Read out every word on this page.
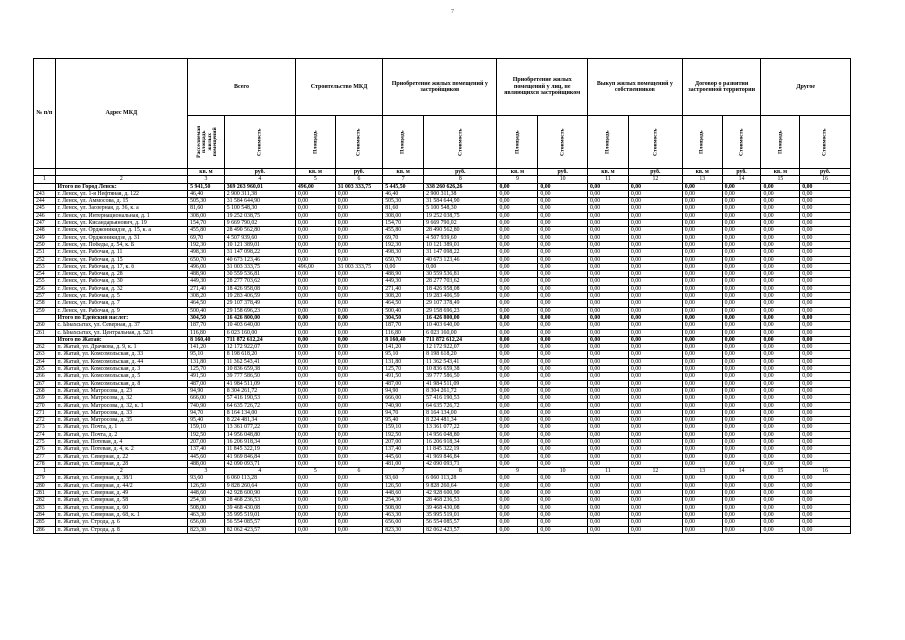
7
№ п/п	Адрес МКД	Всего		Строительство МКД		Приобретение жилых помещений у застройщиков		Приобретение жилых помещений у лиц, не являющихся застройщиком		Выкуп жилых помещений у собственников		Договор о развитии застроенной территории		Другое	
		Расселяемая площадь жилых помещений	Стоимость	Площадь	Стоимость	Площадь	Стоимость	Площадь	Стоимость	Площадь	Стоимость	Площадь	Стоимость	Площадь	Стоимость
		кв. м	руб.	кв. м	руб.	кв. м	руб.	кв. м	руб.	кв. м	руб.	кв. м	руб.	кв. м	руб.
1	2	3	4	5	6	7	8	9	10	11	12	13	14	15	16
	Итого по Город Ленск:	5 941,50	369 263 960,01	496,00	31 003 333,75	5 445,50	338 260 626,26	0,00	0,00	0,00	0,00	0,00	0,00	0,00	0,00
243	г. Ленск, ул. 1-я Нефтяная, д. 122	46,40	2 900 311,38	0,00	0,00	46,40	2 900 311,38	0,00	0,00	0,00	0,00	0,00	0,00	0,00	0,00
244	г. Ленск, ул. Аммосова, д. 15	505,30	31 584 644,90	0,00	0,00	505,30	31 584 644,90	0,00	0,00	0,00	0,00	0,00	0,00	0,00	0,00
245	г. Ленск, ул. Заозерная, д. 36, к. а	81,60	5 100 548,30	0,00	0,00	81,60	5 100 548,30	0,00	0,00	0,00	0,00	0,00	0,00	0,00	0,00
246	г. Ленск, ул. Интернациональная, д. 1	308,00	19 252 038,75	0,00	0,00	308,00	19 252 038,75	0,00	0,00	0,00	0,00	0,00	0,00	0,00	0,00
247	г. Ленск, ул. Кисандарьянович, д. 19	154,70	9 669 790,02	0,00	0,00	154,70	9 669 790,02	0,00	0,00	0,00	0,00	0,00	0,00	0,00	0,00
248	г. Ленск, ул. Орджоникидзе, д. 15, к. а	455,80	28 490 562,80	0,00	0,00	455,80	28 490 562,80	0,00	0,00	0,00	0,00	0,00	0,00	0,00	0,00
249	г. Ленск, ул. Орджоникидзе, д. 31	69,70	4 507 939,60	0,00	0,00	69,70	4 507 939,60	0,00	0,00	0,00	0,00	0,00	0,00	0,00	0,00
250	г. Ленск, ул. Победы, д. 54, к. Б	192,30	10 121 389,01	0,00	0,00	192,30	10 121 389,01	0,00	0,00	0,00	0,00	0,00	0,00	0,00	0,00
251	г. Ленск, ул. Рабочая, д. 11	498,30	31 147 098,22	0,00	0,00	498,30	31 147 098,22	0,00	0,00	0,00	0,00	0,00	0,00	0,00	0,00
252	г. Ленск, ул. Рабочая, д. 15	650,70	40 673 123,46	0,00	0,00	650,70	40 673 123,46	0,00	0,00	0,00	0,00	0,00	0,00	0,00	0,00
253	г. Ленск, ул. Рабочая, д. 17, к. б	496,00	31 003 333,75	496,00	31 003 333,75	0,00	0,00	0,00	0,00	0,00	0,00	0,00	0,00	0,00	0,00
254	г. Ленск, ул. Рабочая, д. 28	488,90	30 559 536,81	0,00	0,00	488,90	30 559 536,81	0,00	0,00	0,00	0,00	0,00	0,00	0,00	0,00
255	г. Ленск, ул. Рабочая, д. 30	449,30	28 277 703,62	0,00	0,00	449,30	28 277 703,62	0,00	0,00	0,00	0,00	0,00	0,00	0,00	0,00
256	г. Ленск, ул. Рабочая, д. 32	271,40	18 426 958,08	0,00	0,00	271,40	18 426 958,08	0,00	0,00	0,00	0,00	0,00	0,00	0,00	0,00
257	г. Ленск, ул. Рабочая, д. 5	308,20	19 283 406,59	0,00	0,00	308,20	19 283 406,59	0,00	0,00	0,00	0,00	0,00	0,00	0,00	0,00
258	г. Ленск, ул. Рабочая, д. 7	464,50	29 107 378,49	0,00	0,00	464,50	29 107 378,49	0,00	0,00	0,00	0,00	0,00	0,00	0,00	0,00
259	г. Ленск, ул. Рабочая, д. 9	500,40	29 158 696,23	0,00	0,00	500,40	29 158 696,23	0,00	0,00	0,00	0,00	0,00	0,00	0,00	0,00
	Итого по Едейский наслег:	304,50	16 426 800,00	0,00	0,00	304,50	16 426 800,00	0,00	0,00	0,00	0,00	0,00	0,00	0,00	0,00
260	с. Ынахсытах, ул. Северная, д. 37	187,70	10 403 640,00	0,00	0,00	187,70	10 403 640,00	0,00	0,00	0,00	0,00	0,00	0,00	0,00	0,00
261	с. Ынахсытах, ул. Центральная, д. 52/1	116,80	6 023 160,00	0,00	0,00	116,80	6 023 160,00	0,00	0,00	0,00	0,00	0,00	0,00	0,00	0,00
	Итого по Жатай:	8 160,40	711 872 612,24	0,00	0,00	8 160,40	711 872 612,24	0,00	0,00	0,00	0,00	0,00	0,00	0,00	0,00
262	п. Жатай, ул. Драчкова, д. 9, к. 1	141,20	12 172 922,07	0,00	0,00	141,20	12 172 922,07	0,00	0,00	0,00	0,00	0,00	0,00	0,00	0,00
263	п. Жатай, ул. Комсомольская, д. 33	95,10	8 198 618,20	0,00	0,00	95,10	8 198 618,20	0,00	0,00	0,00	0,00	0,00	0,00	0,00	0,00
264	п. Жатай, ул. Комсомольская, д. 44	131,80	11 362 543,41	0,00	0,00	131,80	11 362 543,41	0,00	0,00	0,00	0,00	0,00	0,00	0,00	0,00
265	п. Жатай, ул. Комсомольская, д. 3	125,70	10 836 659,38	0,00	0,00	125,70	10 836 659,38	0,00	0,00	0,00	0,00	0,00	0,00	0,00	0,00
266	п. Жатай, ул. Комсомольская, д. 5	491,50	39 777 586,50	0,00	0,00	491,50	39 777 586,50	0,00	0,00	0,00	0,00	0,00	0,00	0,00	0,00
267	п. Жатай, ул. Комсомольская, д. 8	487,00	41 984 511,09	0,00	0,00	487,00	41 984 511,09	0,00	0,00	0,00	0,00	0,00	0,00	0,00	0,00
268	п. Жатай, ул. Матросова, д. 23	94,90	8 304 261,72	0,00	0,00	94,90	8 304 261,72	0,00	0,00	0,00	0,00	0,00	0,00	0,00	0,00
269	п. Жатай, ул. Матросова, д. 32	666,00	57 416 190,53	0,00	0,00	666,00	57 416 190,53	0,00	0,00	0,00	0,00	0,00	0,00	0,00	0,00
270	п. Жатай, ул. Матросова, д. 32, к. 1	740,90	64 635 726,72	0,00	0,00	740,90	64 635 726,72	0,00	0,00	0,00	0,00	0,00	0,00	0,00	0,00
271	п. Жатай, ул. Матросова, д. 33	94,70	8 164 134,00	0,00	0,00	94,70	8 164 134,00	0,00	0,00	0,00	0,00	0,00	0,00	0,00	0,00
272	п. Жатай, ул. Матросова, д. 35	95,40	8 224 481,34	0,00	0,00	95,40	8 224 481,34	0,00	0,00	0,00	0,00	0,00	0,00	0,00	0,00
273	п. Жатай, ул. Почта, д. 1	159,10	13 361 077,22	0,00	0,00	159,10	13 361 077,22	0,00	0,00	0,00	0,00	0,00	0,00	0,00	0,00
274	п. Жатай, ул. Почта, д. 2	192,50	14 956 048,80	0,00	0,00	192,50	14 956 048,80	0,00	0,00	0,00	0,00	0,00	0,00	0,00	0,00
275	п. Жатай, ул. Потевая, д. 4	207,00	16 206 918,34	0,00	0,00	207,00	16 206 918,34	0,00	0,00	0,00	0,00	0,00	0,00	0,00	0,00
276	п. Жатай, ул. Потевая, д. 4, к. 2	137,40	11 845 322,19	0,00	0,00	137,40	11 845 322,19	0,00	0,00	0,00	0,00	0,00	0,00	0,00	0,00
277	п. Жатай, ул. Северная, д. 22	445,60	41 969 846,84	0,00	0,00	445,60	41 969 846,84	0,00	0,00	0,00	0,00	0,00	0,00	0,00	0,00
278	п. Жатай, ул. Северная, д. 28	488,00	42 090 093,71	0,00	0,00	481,00	42 090 093,71	0,00	0,00	0,00	0,00	0,00	0,00	0,00	0,00
1	2	3	4	5	6	7	8	9	10	11	12	13	14	15	16
279	п. Жатай, ул. Северная, д. 38/1	93,60	6 060 113,28	0,00	0,00	93,60	6 060 113,28	0,00	0,00	0,00	0,00	0,00	0,00	0,00	0,00
280	п. Жатай, ул. Северная, д. 44/2	126,50	9 828 260,64	0,00	0,00	126,50	9 828 260,64	0,00	0,00	0,00	0,00	0,00	0,00	0,00	0,00
281	п. Жатай, ул. Северная, д. 49	448,60	42 928 600,90	0,00	0,00	448,60	42 928 600,90	0,00	0,00	0,00	0,00	0,00	0,00	0,00	0,00
282	п. Жатай, ул. Северная, д. 58	254,30	28 468 236,53	0,00	0,00	254,30	28 468 236,53	0,00	0,00	0,00	0,00	0,00	0,00	0,00	0,00
283	п. Жатай, ул. Северная, д. 60	508,00	39 468 430,08	0,00	0,00	508,00	39 468 430,08	0,00	0,00	0,00	0,00	0,00	0,00	0,00	0,00
284	п. Жатай, ул. Северная, д. 68, к. 1	463,30	35 995 519,01	0,00	0,00	463,30	35 995 519,01	0,00	0,00	0,00	0,00	0,00	0,00	0,00	0,00
285	п. Жатай, ул. Строда, д. 6	656,00	56 554 085,57	0,00	0,00	656,00	56 554 085,57	0,00	0,00	0,00	0,00	0,00	0,00	0,00	0,00
286	п. Жатай, ул. Строда, д. 8	823,30	82 062 423,57	0,00	0,00	823,30	82 062 423,57	0,00	0,00	0,00	0,00	0,00	0,00	0,00	0,00
